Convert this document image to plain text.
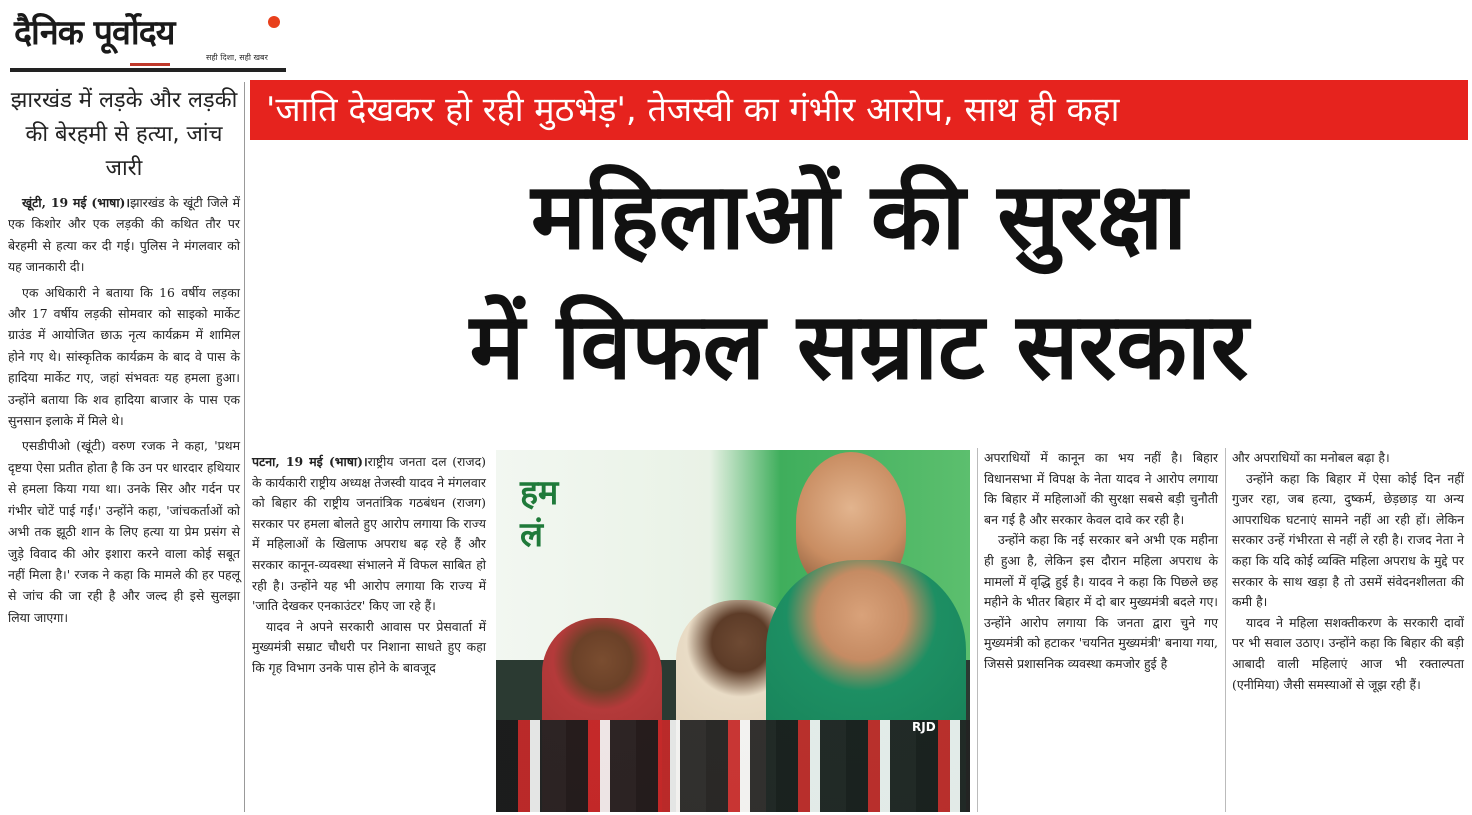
दैनिक पूर्वोदय
सही दिशा, सही खबर
झारखंड में लड़के और लड़की की बेरहमी से हत्या, जांच जारी

खूंटी, 19 मई (भाषा)।झारखंड के खूंटी जिले में एक किशोर और एक लड़की की कथित तौर पर बेरहमी से हत्या कर दी गई। पुलिस ने मंगलवार को यह जानकारी दी।

एक अधिकारी ने बताया कि 16 वर्षीय लड़का और 17 वर्षीय लड़की सोमवार को साइको मार्केट ग्राउंड में आयोजित छाऊ नृत्य कार्यक्रम में शामिल होने गए थे। सांस्कृतिक कार्यक्रम के बाद वे पास के हादिया मार्केट गए, जहां संभवतः यह हमला हुआ। उन्होंने बताया कि शव हादिया बाजार के पास एक सुनसान इलाके में मिले थे।

एसडीपीओ (खूंटी) वरुण रजक ने कहा, 'प्रथम दृष्टया ऐसा प्रतीत होता है कि उन पर धारदार हथियार से हमला किया गया था। उनके सिर और गर्दन पर गंभीर चोटें पाई गईं।' उन्होंने कहा, 'जांचकर्ताओं को अभी तक झूठी शान के लिए हत्या या प्रेम प्रसंग से जुड़े विवाद की ओर इशारा करने वाला कोई सबूत नहीं मिला है।' रजक ने कहा कि मामले की हर पहलू से जांच की जा रही है और जल्द ही इसे सुलझा लिया जाएगा।

'जाति देखकर हो रही मुठभेड़', तेजस्वी का गंभीर आरोप, साथ ही कहा
महिलाओं की सुरक्षा
में विफल सम्राट सरकार

पटना, 19 मई (भाषा)।राष्ट्रीय जनता दल (राजद) के कार्यकारी राष्ट्रीय अध्यक्ष तेजस्वी यादव ने मंगलवार को बिहार की राष्ट्रीय जनतांत्रिक गठबंधन (राजग) सरकार पर हमला बोलते हुए आरोप लगाया कि राज्य में महिलाओं के खिलाफ अपराध बढ़ रहे हैं और सरकार कानून-व्यवस्था संभालने में विफल साबित हो रही है। उन्होंने यह भी आरोप लगाया कि राज्य में 'जाति देखकर एनकाउंटर' किए जा रहे हैं।

यादव ने अपने सरकारी आवास पर प्रेसवार्ता में मुख्यमंत्री सम्राट चौधरी पर निशाना साधते हुए कहा कि गृह विभाग उनके पास होने के बावजूद

हम
लं
RJD

अपराधियों में कानून का भय नहीं है। बिहार विधानसभा में विपक्ष के नेता यादव ने आरोप लगाया कि बिहार में महिलाओं की सुरक्षा सबसे बड़ी चुनौती बन गई है और सरकार केवल दावे कर रही है।

उन्होंने कहा कि नई सरकार बने अभी एक महीना ही हुआ है, लेकिन इस दौरान महिला अपराध के मामलों में वृद्धि हुई है। यादव ने कहा कि पिछले छह महीने के भीतर बिहार में दो बार मुख्यमंत्री बदले गए। उन्होंने आरोप लगाया कि जनता द्वारा चुने गए मुख्यमंत्री को हटाकर 'चयनित मुख्यमंत्री' बनाया गया, जिससे प्रशासनिक व्यवस्था कमजोर हुई है

और अपराधियों का मनोबल बढ़ा है।

उन्होंने कहा कि बिहार में ऐसा कोई दिन नहीं गुजर रहा, जब हत्या, दुष्कर्म, छेड़छाड़ या अन्य आपराधिक घटनाएं सामने नहीं आ रही हों। लेकिन सरकार उन्हें गंभीरता से नहीं ले रही है। राजद नेता ने कहा कि यदि कोई व्यक्ति महिला अपराध के मुद्दे पर सरकार के साथ खड़ा है तो उसमें संवेदनशीलता की कमी है।

यादव ने महिला सशक्तीकरण के सरकारी दावों पर भी सवाल उठाए। उन्होंने कहा कि बिहार की बड़ी आबादी वाली महिलाएं आज भी रक्ताल्पता (एनीमिया) जैसी समस्याओं से जूझ रही हैं।
